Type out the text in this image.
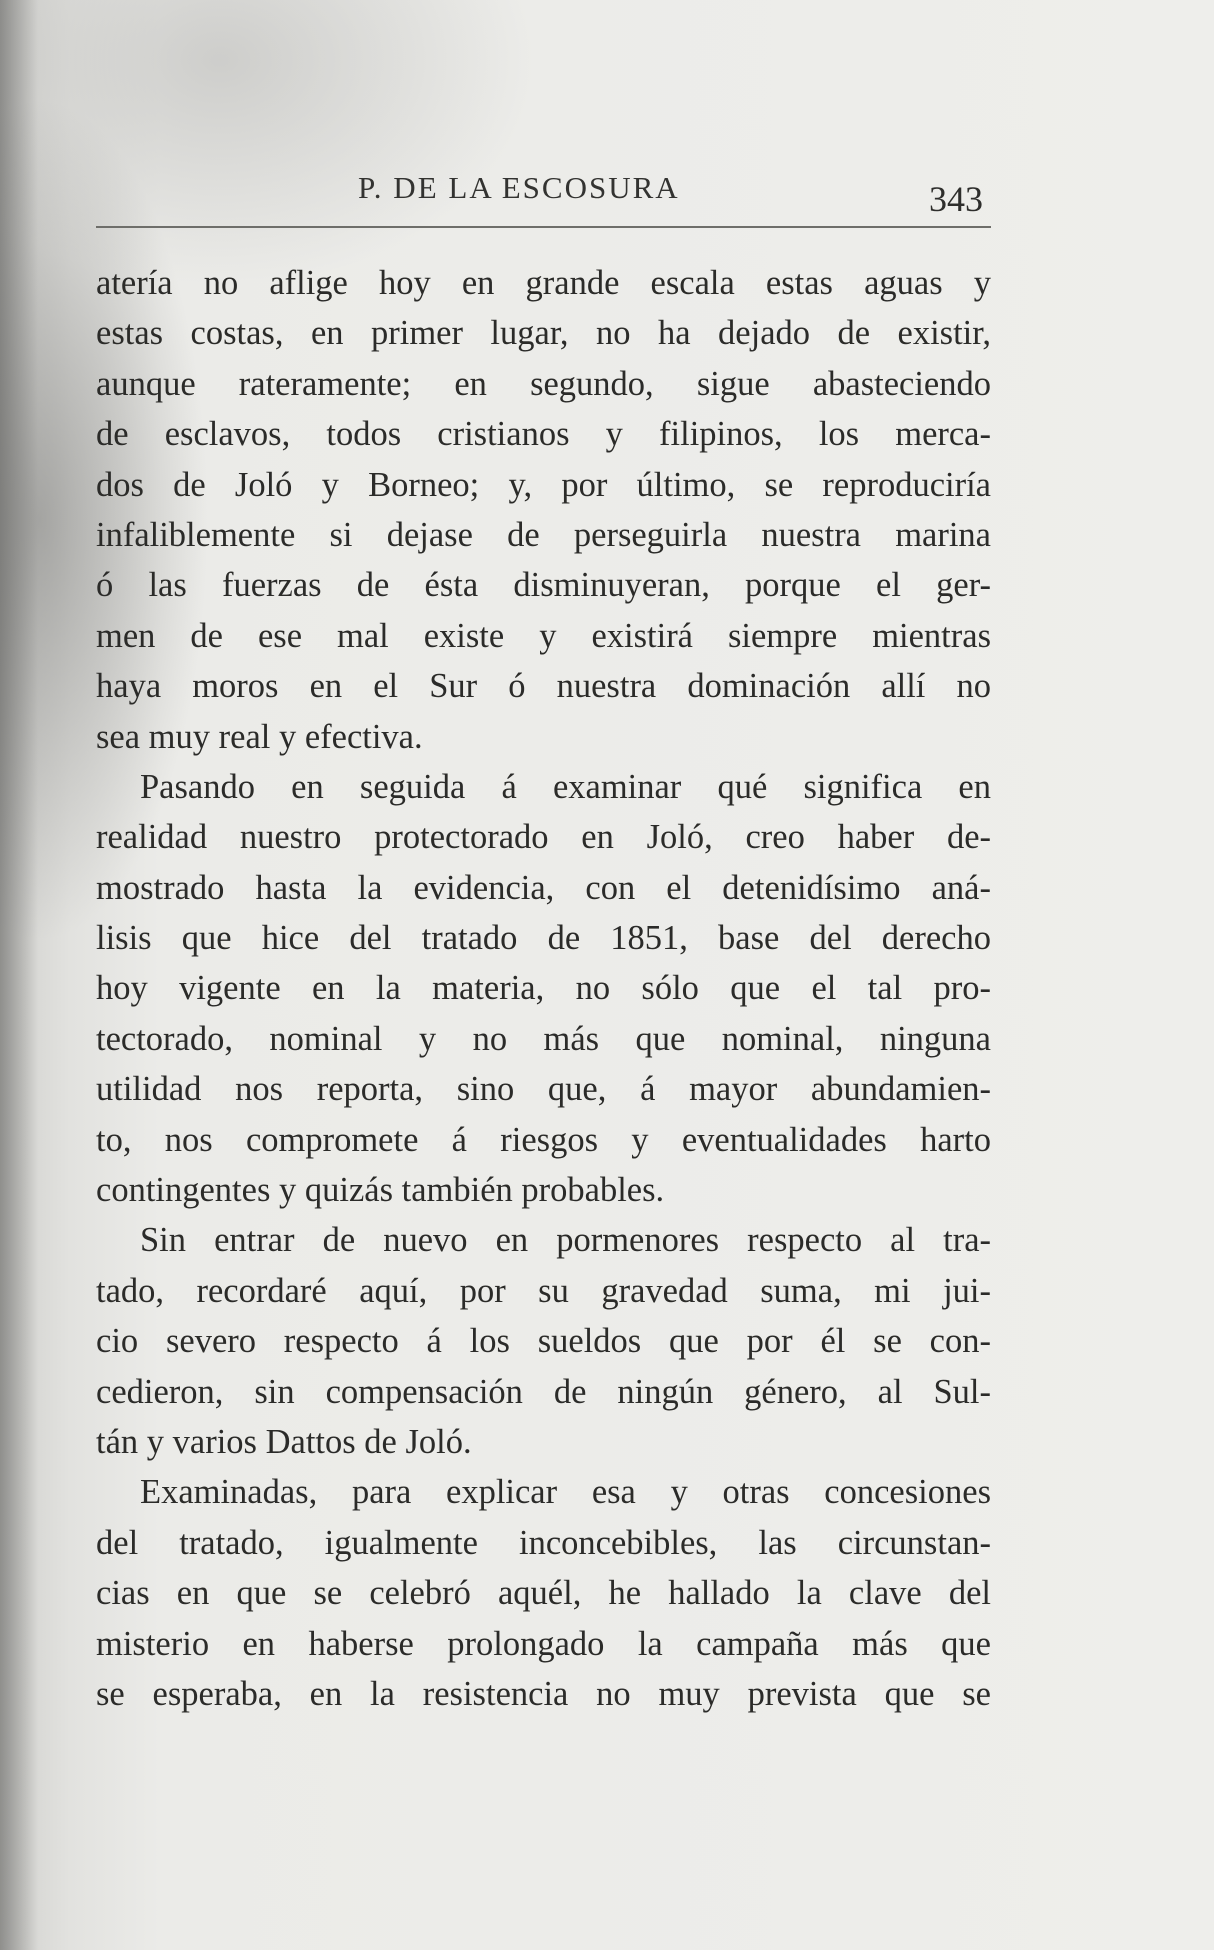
P. DE LA ESCOSURA	343
atería no aflige hoy en grande escala estas aguas y
estas costas, en primer lugar, no ha dejado de existir,
aunque rateramente; en segundo, sigue abasteciendo
de esclavos, todos cristianos y filipinos, los merca-
dos de Joló y Borneo; y, por último, se reproduciría
infaliblemente si dejase de perseguirla nuestra marina
ó las fuerzas de ésta disminuyeran, porque el ger-
men de ese mal existe y existirá siempre mientras
haya moros en el Sur ó nuestra dominación allí no
sea muy real y efectiva.
Pasando en seguida á examinar qué significa en
realidad nuestro protectorado en Joló, creo haber de-
mostrado hasta la evidencia, con el detenidísimo aná-
lisis que hice del tratado de 1851, base del derecho
hoy vigente en la materia, no sólo que el tal pro-
tectorado, nominal y no más que nominal, ninguna
utilidad nos reporta, sino que, á mayor abundamien-
to, nos compromete á riesgos y eventualidades harto
contingentes y quizás también probables.
Sin entrar de nuevo en pormenores respecto al tra-
tado, recordaré aquí, por su gravedad suma, mi jui-
cio severo respecto á los sueldos que por él se con-
cedieron, sin compensación de ningún género, al Sul-
tán y varios Dattos de Joló.
Examinadas, para explicar esa y otras concesiones
del tratado, igualmente inconcebibles, las circunstan-
cias en que se celebró aquél, he hallado la clave del
misterio en haberse prolongado la campaña más que
se esperaba, en la resistencia no muy prevista que se
